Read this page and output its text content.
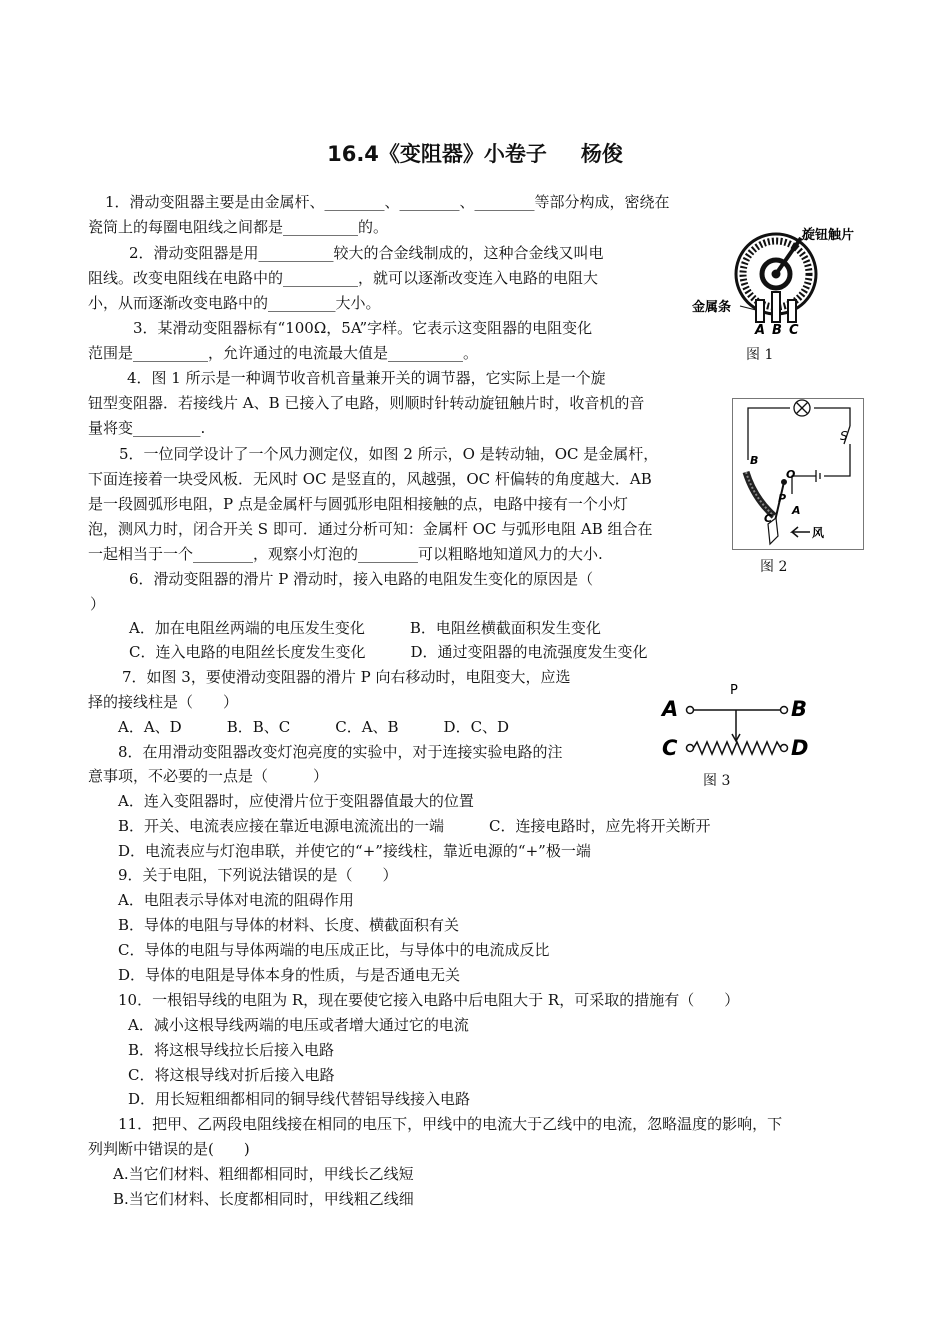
16.4《变阻器》小卷子 杨俊
1．滑动变阻器主要是由金属杆、________、________、________等部分构成，密绕在
瓷筒上的每圈电阻线之间都是__________的。
2．滑动变阻器是用__________较大的合金线制成的，这种合金线又叫电
阻线。改变电阻线在电路中的__________，就可以逐渐改变连入电路的电阻大
小，从而逐渐改变电路中的_________大小。
3．某滑动变阻器标有“100Ω，5A”字样。它表示这变阻器的电阻变化
范围是__________，允许通过的电流最大值是__________。
4．图 1 所示是一种调节收音机音量兼开关的调节器，它实际上是一个旋
钮型变阻器．若接线片 A、B 已接入了电路，则顺时针转动旋钮触片时，收音机的音
量将变_________.
5．一位同学设计了一个风力测定仪，如图 2 所示，O 是转动轴，OC 是金属杆，
下面连接着一块受风板．无风时 OC 是竖直的，风越强，OC 杆偏转的角度越大．AB
是一段圆弧形电阻，P 点是金属杆与圆弧形电阻相接触的点，电路中接有一个小灯
泡，测风力时，闭合开关 S 即可．通过分析可知：金属杆 OC 与弧形电阻 AB 组合在
一起相当于一个________，观察小灯泡的________可以粗略地知道风力的大小.
6．滑动变阻器的滑片 P 滑动时，接入电路的电阻发生变化的原因是（
）
A．加在电阻丝两端的电压发生变化　　　B．电阻丝横截面积发生变化
C．连入电路的电阻丝长度发生变化　　　D．通过变阻器的电流强度发生变化
7．如图 3，要使滑动变阻器的滑片 P 向右移动时，电阻变大，应选
择的接线柱是（　　）
A．A、D　　　B．B、C　　　C．A、B　　　D．C、D
8．在用滑动变阻器改变灯泡亮度的实验中，对于连接实验电路的注
意事项，不必要的一点是（　　　）
A．连入变阻器时，应使滑片位于变阻器值最大的位置
B．开关、电流表应接在靠近电源电流流出的一端　　　C．连接电路时，应先将开关断开
D．电流表应与灯泡串联，并使它的“+”接线柱，靠近电源的“+”极一端
9．关于电阻，下列说法错误的是（　　）
A．电阻表示导体对电流的阻碍作用
B．导体的电阻与导体的材料、长度、横截面积有关
C．导体的电阻与导体两端的电压成正比，与导体中的电流成反比
D．导体的电阻是导体本身的性质，与是否通电无关
10．一根铝导线的电阻为 R，现在要使它接入电路中后电阻大于 R，可采取的措施有（　　）
A．减小这根导线两端的电压或者增大通过它的电流
B．将这根导线拉长后接入电路
C．将这根导线对折后接入电路
D．用长短粗细都相同的铜导线代替铝导线接入电路
11．把甲、乙两段电阻线接在相同的电压下，甲线中的电流大于乙线中的电流，忽略温度的影响，下
列判断中错误的是(　　)
A.当它们材料、粗细都相同时，甲线长乙线短
B.当它们材料、长度都相同时，甲线粗乙线细
旋钮触片
金属条
A B C
图 1
S
B
O
P
A
C
风
图 2
P
A	B
C	D
图 3
